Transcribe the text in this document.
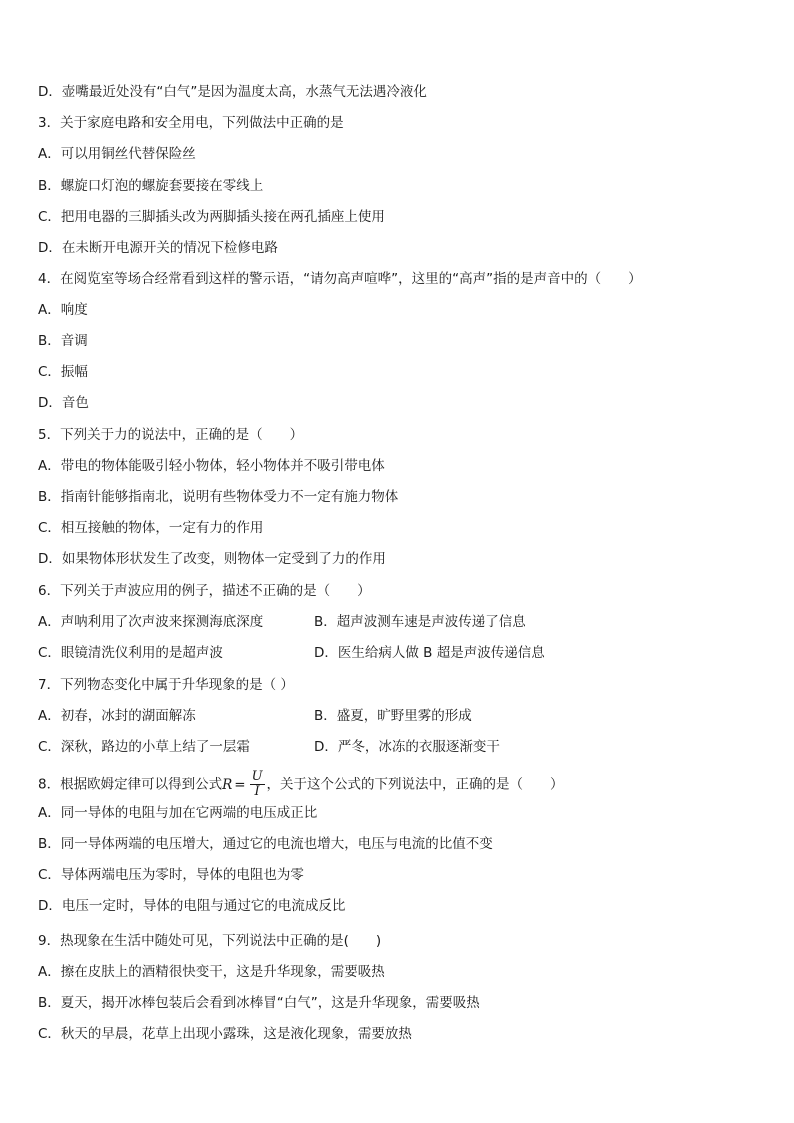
D．壶嘴最近处没有“白气”是因为温度太高，水蒸气无法遇冷液化
3．关于家庭电路和安全用电，下列做法中正确的是
A．可以用铜丝代替保险丝
B．螺旋口灯泡的螺旋套要接在零线上
C．把用电器的三脚插头改为两脚插头接在两孔插座上使用
D．在未断开电源开关的情况下检修电路
4．在阅览室等场合经常看到这样的警示语，“请勿高声喧哗”，这里的“高声”指的是声音中的（　　）
A．响度
B．音调
C．振幅
D．音色
5．下列关于力的说法中，正确的是（　　）
A．带电的物体能吸引轻小物体，轻小物体并不吸引带电体
B．指南针能够指南北，说明有些物体受力不一定有施力物体
C．相互接触的物体，一定有力的作用
D．如果物体形状发生了改变，则物体一定受到了力的作用
6．下列关于声波应用的例子，描述不正确的是（　　）
A．声呐利用了次声波来探测海底深度	B．超声波测车速是声波传递了信息
C．眼镜清洗仪利用的是超声波	D．医生给病人做 B 超是声波传递信息
7．下列物态变化中属于升华现象的是（ ）
A．初春，冰封的湖面解冻	B．盛夏，旷野里雾的形成
C．深秋，路边的小草上结了一层霜	D．严冬，冰冻的衣服逐渐变干
8．根据欧姆定律可以得到公式$R = \frac{U}{I}$ ，关于这个公式的下列说法中，正确的是（　　）
A．同一导体的电阻与加在它两端的电压成正比
B．同一导体两端的电压增大，通过它的电流也增大，电压与电流的比值不变
C．导体两端电压为零时，导体的电阻也为零
D．电压一定时，导体的电阻与通过它的电流成反比
9．热现象在生活中随处可见，下列说法中正确的是(　　)
A．擦在皮肤上的酒精很快变干，这是升华现象，需要吸热
B．夏天，揭开冰棒包装后会看到冰棒冒“白气”，这是升华现象，需要吸热
C．秋天的早晨，花草上出现小露珠，这是液化现象，需要放热
